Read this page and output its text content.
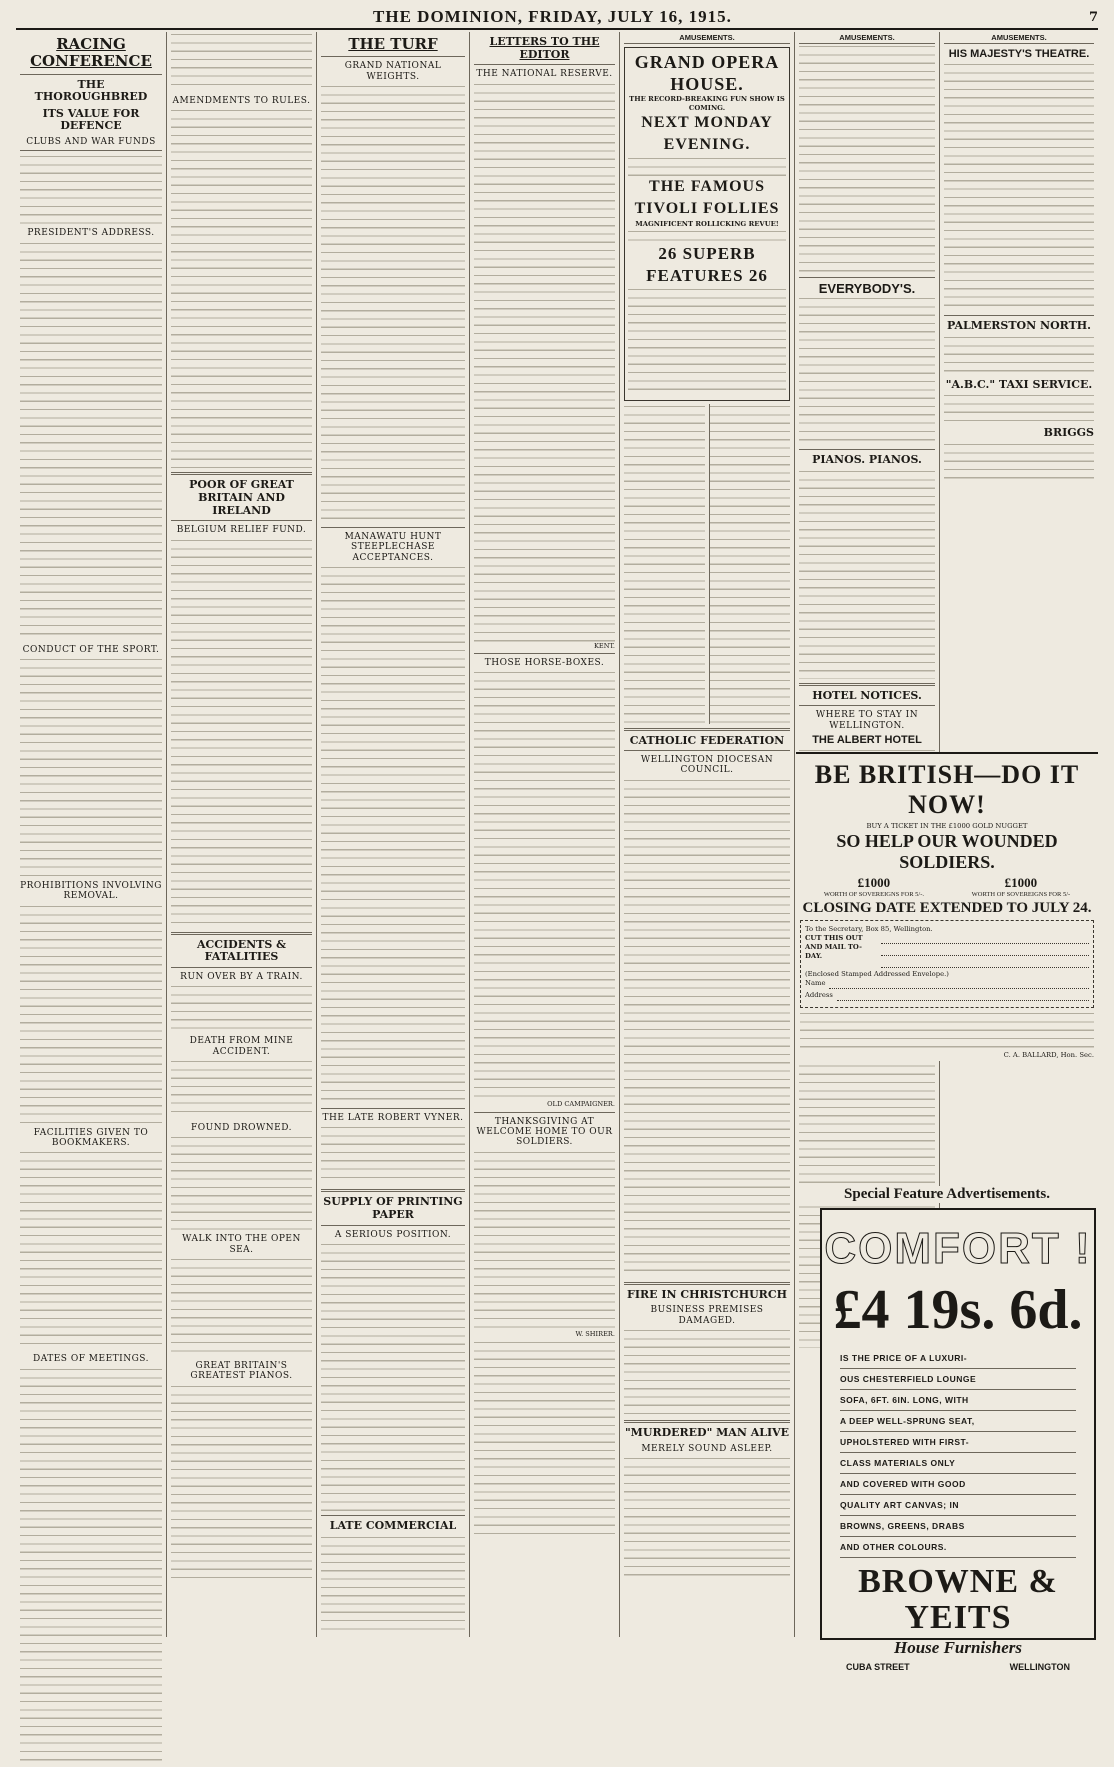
THE DOMINION, FRIDAY, JULY 16, 1915.	7
RACING CONFERENCE
THE THOROUGHBRED
ITS VALUE FOR DEFENCE
CLUBS AND WAR FUNDS
PRESIDENT'S ADDRESS.
CONDUCT OF THE SPORT.
PROHIBITIONS INVOLVING REMOVAL.
FACILITIES GIVEN TO BOOKMAKERS.
DATES OF MEETINGS.
AMENDMENTS TO RULES.
POOR OF GREAT BRITAIN AND IRELAND
BELGIUM RELIEF FUND.
ACCIDENTS & FATALITIES
RUN OVER BY A TRAIN.
DEATH FROM MINE ACCIDENT.
FOUND DROWNED.
WALK INTO THE OPEN SEA.
GREAT BRITAIN'S GREATEST PIANOS.
THE TURF
GRAND NATIONAL WEIGHTS.
MANAWATU HUNT STEEPLECHASE ACCEPTANCES.
THE LATE ROBERT VYNER.
SUPPLY OF PRINTING PAPER
A SERIOUS POSITION.
LATE COMMERCIAL
LETTERS TO THE EDITOR
THE NATIONAL RESERVE.
KENT.
THOSE HORSE-BOXES.
OLD CAMPAIGNER.
THANKSGIVING AT WELCOME HOME TO OUR SOLDIERS.
W. SHIRER.
AMUSEMENTS.
GRAND OPERA HOUSE.
THE RECORD-BREAKING FUN SHOW IS COMING.
NEXT MONDAY EVENING.
THE FAMOUS TIVOLI FOLLIES
MAGNIFICENT ROLLICKING REVUE!
26 SUPERB FEATURES 26
CATHOLIC FEDERATION
WELLINGTON DIOCESAN COUNCIL.
FIRE IN CHRISTCHURCH
BUSINESS PREMISES DAMAGED.
"MURDERED" MAN ALIVE
MERELY SOUND ASLEEP.
AMUSEMENTS.
EVERYBODY'S.
PIANOS. PIANOS.
HOTEL NOTICES.
WHERE TO STAY IN WELLINGTON.
THE ALBERT HOTEL
AMUSEMENTS.
HIS MAJESTY'S THEATRE.
PALMERSTON NORTH.
"A.B.C." TAXI SERVICE.
BRIGGS
BE BRITISH—DO IT NOW!
BUY A TICKET IN THE £1000 GOLD NUGGET
SO HELP OUR WOUNDED SOLDIERS.
£1000
WORTH OF SOVEREIGNS FOR 5/-.
£1000
WORTH OF SOVEREIGNS FOR 5/-
CLOSING DATE EXTENDED TO JULY 24.
To the Secretary, Box 85, Wellington.
CUT THIS OUT AND MAIL TO-DAY.
(Enclosed Stamped Addressed Envelope.)
Name
Address
C. A. BALLARD, Hon. Sec.
Special Feature Advertisements.
COMFORT !
£4 19s. 6d.
IS THE PRICE OF A LUXURI-
OUS CHESTERFIELD LOUNGE
SOFA, 6FT. 6IN. LONG, WITH
A DEEP WELL-SPRUNG SEAT,
UPHOLSTERED WITH FIRST-
CLASS MATERIALS ONLY
AND COVERED WITH GOOD
QUALITY ART CANVAS; IN
BROWNS, GREENS, DRABS
AND OTHER COLOURS.
BROWNE & YEITS
House Furnishers
CUBA STREET	WELLINGTON
